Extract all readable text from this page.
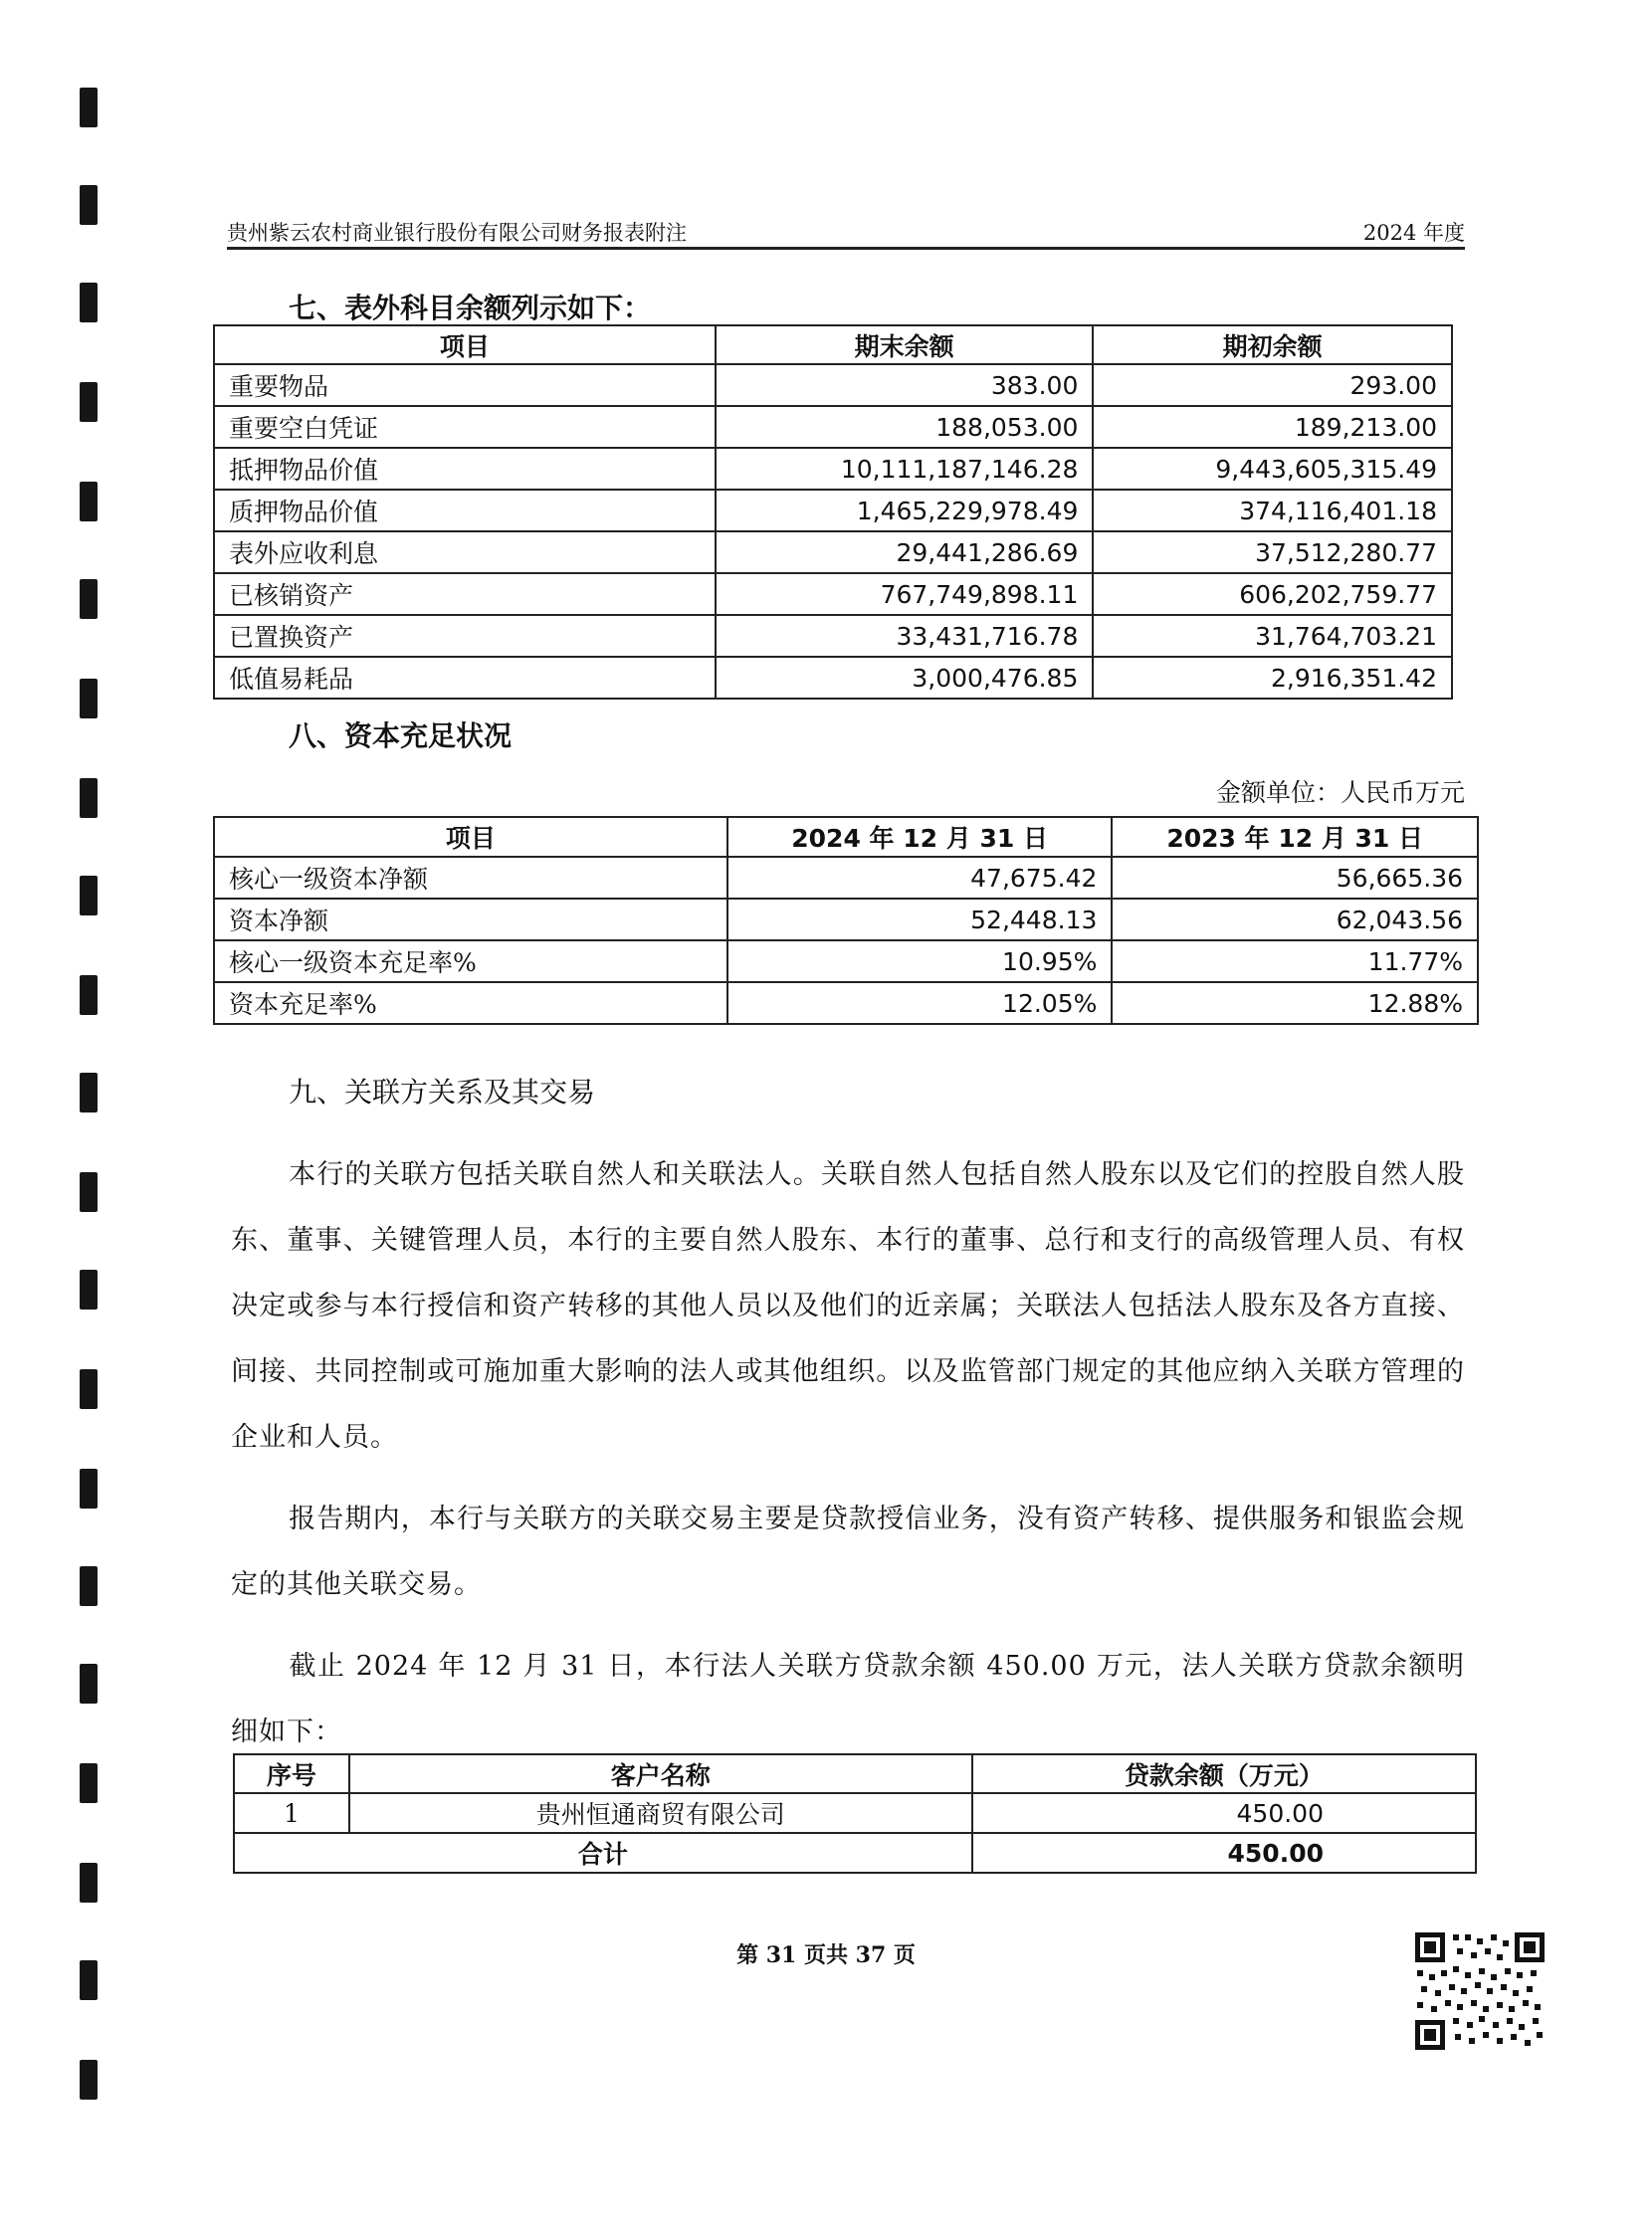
贵州紫云农村商业银行股份有限公司财务报表附注	2024 年度
七、表外科目余额列示如下：
项目	期末余额	期初余额
重要物品	383.00	293.00
重要空白凭证	188,053.00	189,213.00
抵押物品价值	10,111,187,146.28	9,443,605,315.49
质押物品价值	1,465,229,978.49	374,116,401.18
表外应收利息	29,441,286.69	37,512,280.77
已核销资产	767,749,898.11	606,202,759.77
已置换资产	33,431,716.78	31,764,703.21
低值易耗品	3,000,476.85	2,916,351.42
八、资本充足状况
金额单位：人民币万元
项目	2024 年 12 月 31 日	2023 年 12 月 31 日
核心一级资本净额	47,675.42	56,665.36
资本净额	52,448.13	62,043.56
核心一级资本充足率%	10.95%	11.77%
资本充足率%	12.05%	12.88%
九、关联方关系及其交易
本行的关联方包括关联自然人和关联法人。关联自然人包括自然人股东以及它们的控股自然人股东、董事、关键管理人员，本行的主要自然人股东、本行的董事、总行和支行的高级管理人员、有权决定或参与本行授信和资产转移的其他人员以及他们的近亲属；关联法人包括法人股东及各方直接、间接、共同控制或可施加重大影响的法人或其他组织。以及监管部门规定的其他应纳入关联方管理的企业和人员。
报告期内，本行与关联方的关联交易主要是贷款授信业务，没有资产转移、提供服务和银监会规定的其他关联交易。
截止 2024 年 12 月 31 日，本行法人关联方贷款余额 450.00 万元，法人关联方贷款余额明细如下：
序号	客户名称	贷款余额（万元）
1	贵州恒通商贸有限公司	450.00
合计		450.00
第 31 页共 37 页
